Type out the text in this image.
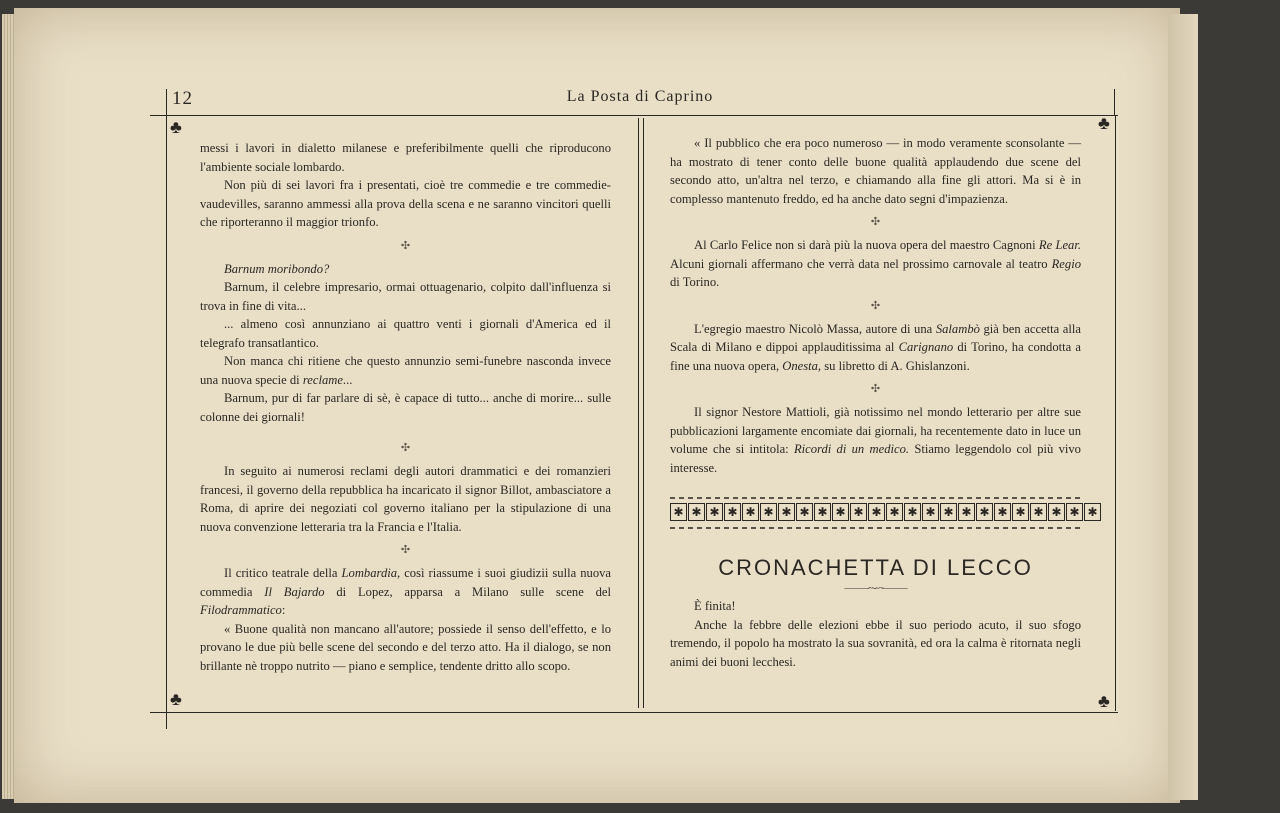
12	La Posta di Caprino
♣	♣
♣	♣

messi i lavori in dialetto milanese e preferibilmente quelli che riproducono l'ambiente sociale lombardo.

Non più di sei lavori fra i presentati, cioè tre commedie e tre commedie-vaudevilles, saranno ammessi alla prova della scena e ne saranno vincitori quelli che riporteranno il maggior trionfo.

✣

Barnum moribondo?

Barnum, il celebre impresario, ormai ottuagenario, colpito dall'influenza si trova in fine di vita...

... almeno così annunziano ai quattro venti i giornali d'America ed il telegrafo transatlantico.

Non manca chi ritiene che questo annunzio semi-funebre nasconda invece una nuova specie di reclame...

Barnum, pur di far parlare di sè, è capace di tutto... anche di morire... sulle colonne dei giornali!

✣

In seguito ai numerosi reclami degli autori drammatici e dei romanzieri francesi, il governo della repubblica ha incaricato il signor Billot, ambasciatore a Roma, di aprire dei negoziati col governo italiano per la stipulazione di una nuova convenzione letteraria tra la Francia e l'Italia.

✣

Il critico teatrale della Lombardia, così riassume i suoi giudizii sulla nuova commedia Il Bajardo di Lopez, apparsa a Milano sulle scene del Filodrammatico:

« Buone qualità non mancano all'autore; possiede il senso dell'effetto, e lo provano le due più belle scene del secondo e del terzo atto. Ha il dialogo, se non brillante nè troppo nutrito — piano e semplice, tendente dritto allo scopo.

« Il pubblico che era poco numeroso — in modo veramente sconsolante — ha mostrato di tener conto delle buone qualità applaudendo due scene del secondo atto, un'altra nel terzo, e chiamando alla fine gli attori. Ma si è in complesso mantenuto freddo, ed ha anche dato segni d'impazienza.

✣

Al Carlo Felice non si darà più la nuova opera del maestro Cagnoni Re Lear. Alcuni giornali affermano che verrà data nel prossimo carnovale al teatro Regio di Torino.

✣

L'egregio maestro Nicolò Massa, autore di una Salambò già ben accetta alla Scala di Milano e dippoi applauditissima al Carignano di Torino, ha condotta a fine una nuova opera, Onesta, su libretto di A. Ghislanzoni.

✣

Il signor Nestore Mattioli, già notissimo nel mondo letterario per altre sue pubblicazioni largamente encomiate dai giornali, ha recentemente dato in luce un volume che si intitola: Ricordi di un medico. Stiamo leggendolo col più vivo interesse.

✱ ✱ ✱ ✱ ✱ ✱ ✱ ✱ ✱ ✱ ✱ ✱ ✱ ✱ ✱ ✱ ✱ ✱ ✱ ✱ ✱ ✱ ✱ ✱
CRONACHETTA DI LECCO
———~∽~———

È finita!

Anche la febbre delle elezioni ebbe il suo periodo acuto, il suo sfogo tremendo, il popolo ha mostrato la sua sovranità, ed ora la calma è ritornata negli animi dei buoni lecchesi.
